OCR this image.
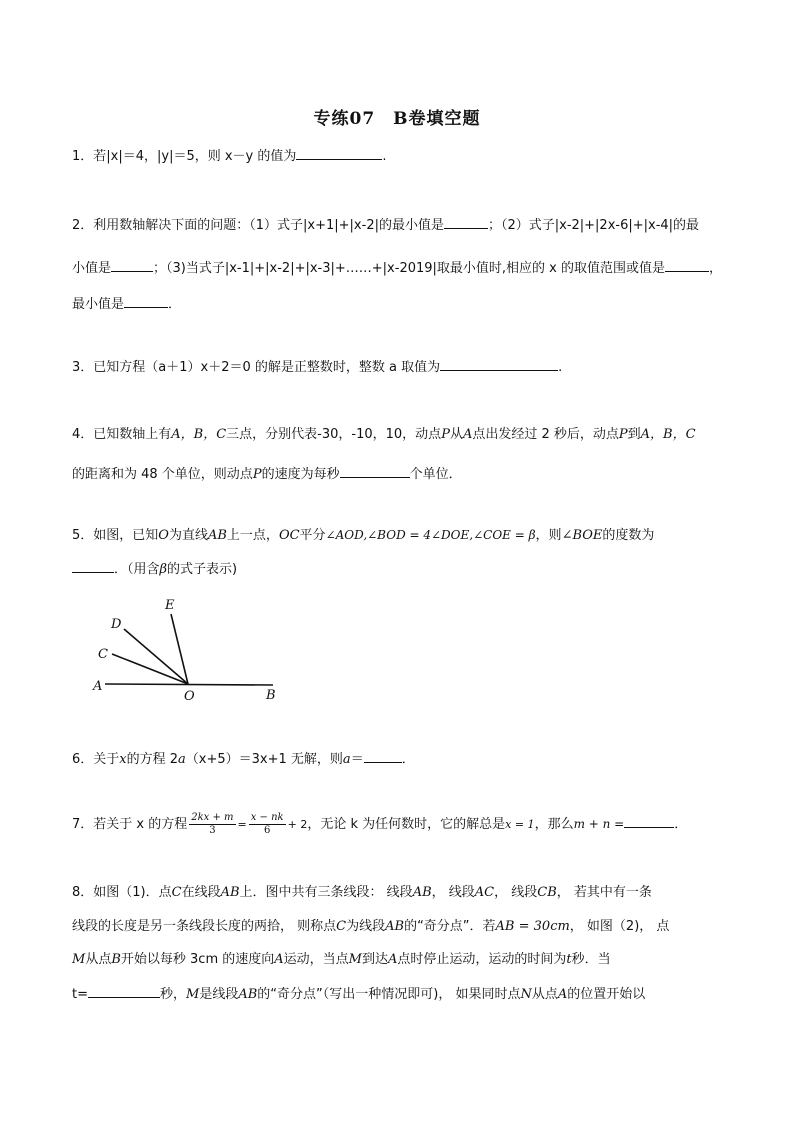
专练07　B卷填空题
1．若|x|＝4，|y|＝5，则 x－y 的值为	.
2．利用数轴解决下面的问题：（1）式子|x+1|+|x-2|的最小值是	；（2）式子|x-2|+|2x-6|+|x-4|的最
小值是	；（3)当式子|x-1|+|x-2|+|x-3|+……+|x-2019|取最小值时,相应的 x 的取值范围或值是	，
最小值是	．
3．已知方程（a＋1）x＋2＝0 的解是正整数时，整数 a 取值为	.
4．已知数轴上有A，B，C三点，分别代表-30，-10，10，动点P从A点出发经过 2 秒后，动点P到A，B，C
的距离和为 48 个单位，则动点P的速度为每秒	个单位．
5．如图，已知O为直线AB上一点，OC平分∠AOD,∠BOD = 4∠DOE,∠COE = β，则∠BOE的度数为
．（用含β的式子表示)
E
D
C
A
O	B
6．关于x的方程 2a（x+5）＝3x+1 无解，则a＝	．
7．若关于 x 的方程 $\frac{2kx + m}{3} = \frac{x - nk}{6} + 2$，无论 k 为任何数时，它的解总是x = 1，那么m + n =	．
8．如图（1)．点C在线段AB上．图中共有三条线段： 线段AB， 线段AC， 线段CB， 若其中有一条
线段的长度是另一条线段长度的两拾， 则称点C为线段AB的“奇分点”．若AB = 30cm， 如图（2)， 点
M从点B开始以每秒 3cm 的速度向A运动，当点M到达A点时停止运动，运动的时间为t秒．当
t=	秒，M是线段AB的“奇分点”（写出一种情况即可)， 如果同时点N从点A的位置开始以
